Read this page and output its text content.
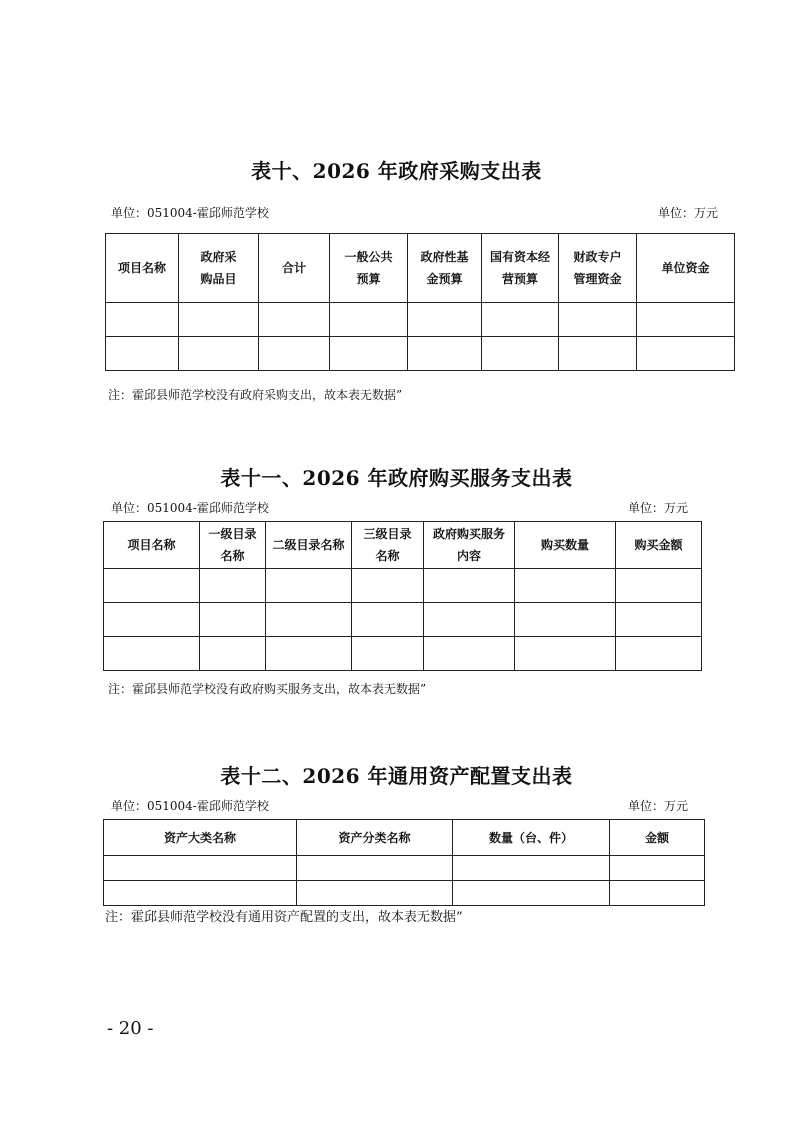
表十、2026 年政府采购支出表
单位：051004-霍邱师范学校	单位：万元
项目名称	政府采购品目	合计	一般公共预算	政府性基金预算	国有资本经营预算	财政专户管理资金	单位资金

注：霍邱县师范学校没有政府采购支出，故本表无数据”
表十一、2026 年政府购买服务支出表
单位：051004-霍邱师范学校	单位：万元
项目名称	一级目录名称	二级目录名称	三级目录名称	政府购买服务内容	购买数量	购买金额

注：霍邱县师范学校没有政府购买服务支出，故本表无数据”
表十二、2026 年通用资产配置支出表
单位：051004-霍邱师范学校	单位：万元
资产大类名称	资产分类名称	数量（台、件）	金额

注：霍邱县师范学校没有通用资产配置的支出，故本表无数据”
- 20 -
